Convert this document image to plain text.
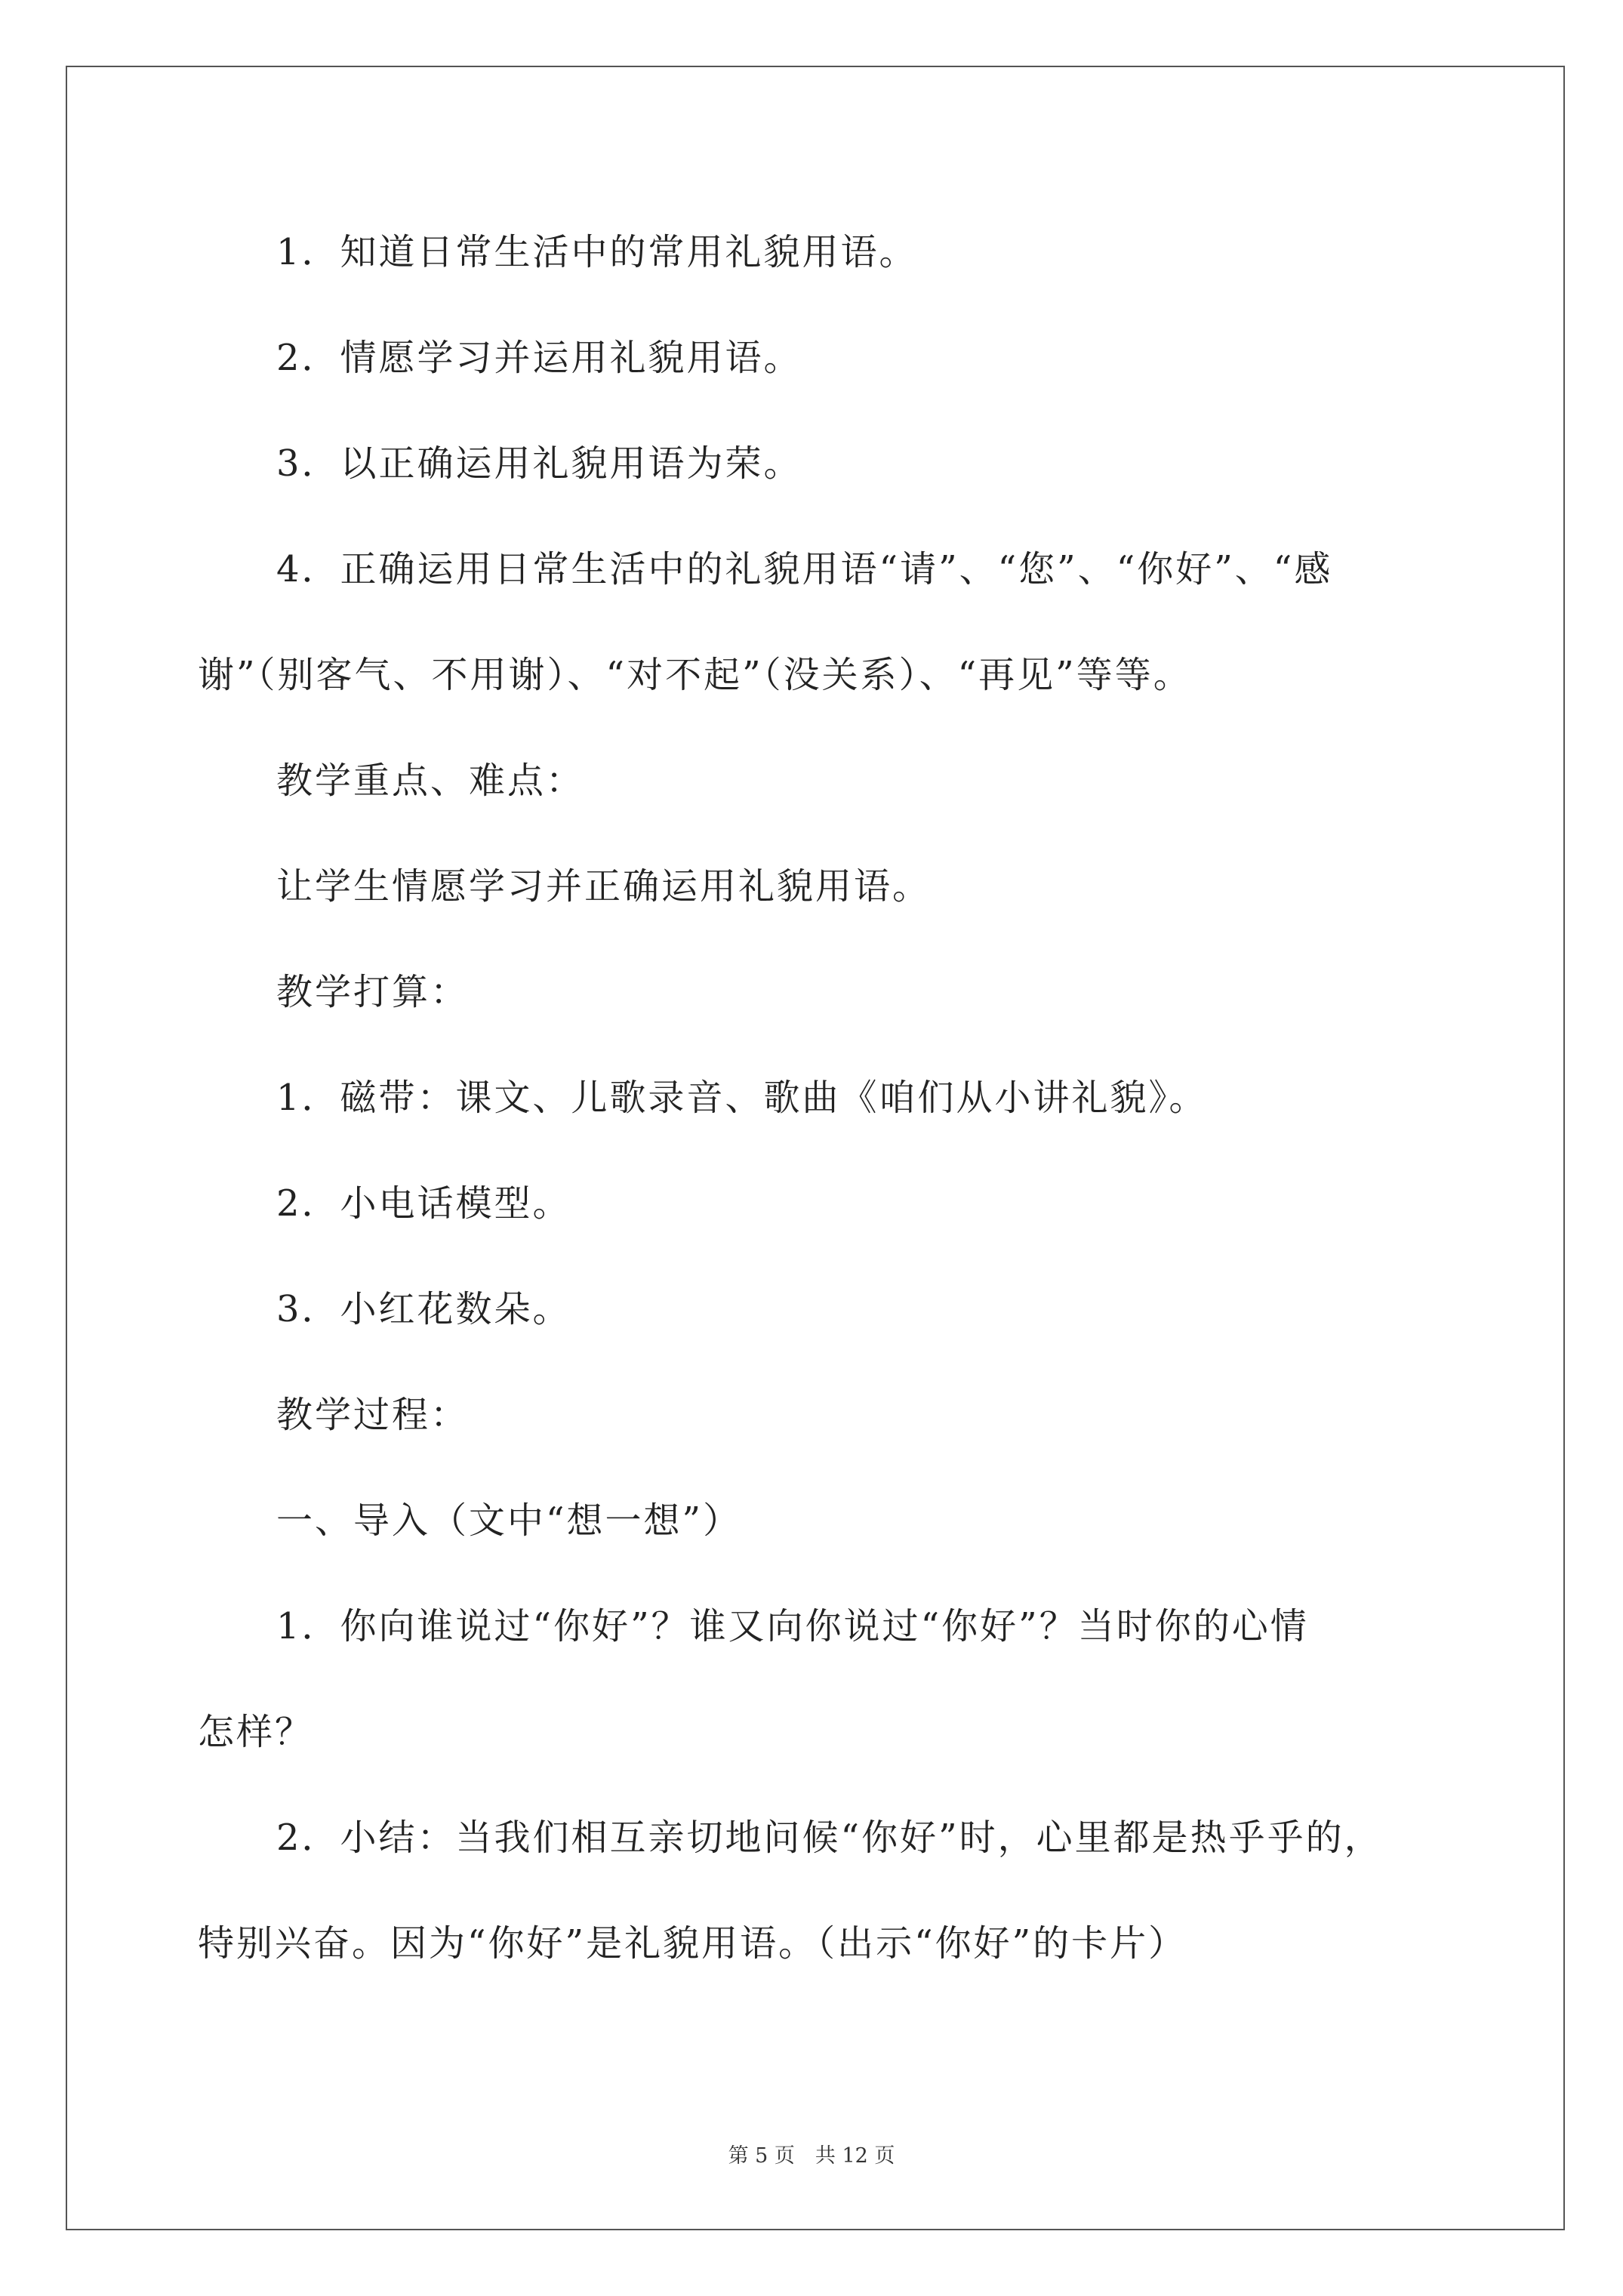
1．知道日常生活中的常用礼貌用语。

2．情愿学习并运用礼貌用语。

3．以正确运用礼貌用语为荣。

4．正确运用日常生活中的礼貌用语“请”、“您”、“你好”、“感

谢”（别客气、不用谢）、“对不起”（没关系）、“再见”等等。

教学重点、难点：

让学生情愿学习并正确运用礼貌用语。

教学打算：

1．磁带：课文、儿歌录音、歌曲《咱们从小讲礼貌》。

2．小电话模型。

3．小红花数朵。

教学过程：

一、导入（文中“想一想”）

1．你向谁说过“你好”？谁又向你说过“你好”？当时你的心情

怎样？

2．小结：当我们相互亲切地问候“你好”时，心里都是热乎乎的，

特别兴奋。因为“你好”是礼貌用语。（出示“你好”的卡片）

第 5 页　共 12 页
